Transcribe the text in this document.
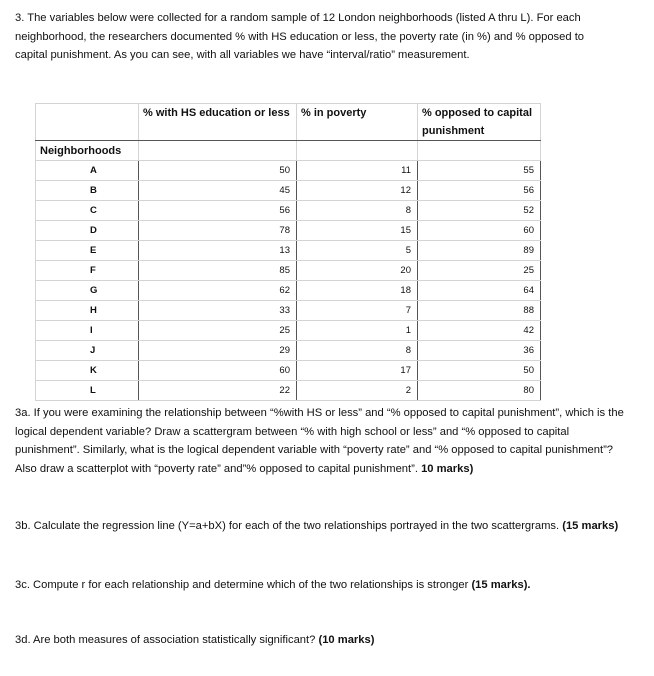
3. The variables below were collected for a random sample of 12 London neighborhoods (listed A thru L). For each neighborhood, the researchers documented % with HS education or less, the poverty rate (in %) and % opposed to capital punishment. As you can see, with all variables we have “interval/ratio” measurement.
	% with HS education or less	% in poverty	% opposed to capital punishment
Neighborhoods			
A	50	11	55
B	45	12	56
C	56	8	52
D	78	15	60
E	13	5	89
F	85	20	25
G	62	18	64
H	33	7	88
I	25	1	42
J	29	8	36
K	60	17	50
L	22	2	80
3a. If you were examining the relationship between “%with HS or less” and “% opposed to capital punishment”, which is the logical dependent variable? Draw a scattergram between “% with high school or less” and “% opposed to capital punishment”. Similarly, what is the logical dependent variable with “poverty rate” and “% opposed to capital punishment”? Also draw a scatterplot with “poverty rate” and”% opposed to capital punishment”. 10 marks)
3b. Calculate the regression line (Y=a+bX) for each of the two relationships portrayed in the two scattergrams. (15 marks)
3c. Compute r for each relationship and determine which of the two relationships is stronger (15 marks).
3d. Are both measures of association statistically significant? (10 marks)
